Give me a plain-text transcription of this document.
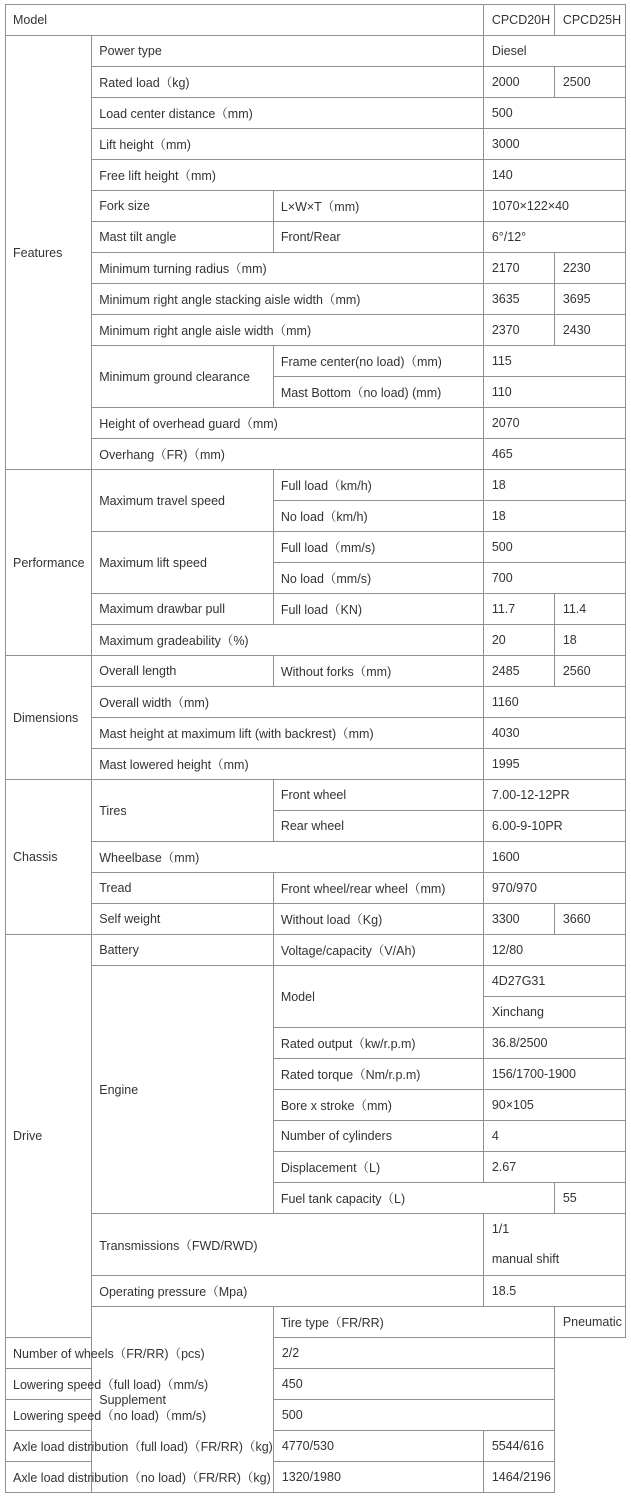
Model			CPCD20H	CPCD25H
Features	Power type		Diesel	
	Rated load（kg)		2000	2500
	Load center distance（mm)		500	
	Lift height（mm)		3000	
	Free lift height（mm)		140	
	Fork size	L×W×T（mm)	1070×122×40	
	Mast tilt angle	Front/Rear	6°/12°	
	Minimum turning radius（mm)		2170	2230
	Minimum right angle stacking aisle width（mm)		3635	3695
	Minimum right angle aisle width（mm)		2370	2430
	Minimum ground clearance	Frame center(no load)（mm)	115	
		Mast Bottom（no load) (mm)	110	
	Height of overhead guard（mm)		2070	
	Overhang（FR)（mm)		465	
Performance	Maximum travel speed	Full load（km/h)	18	
		No load（km/h)	18	
	Maximum lift speed	Full load（mm/s)	500	
		No load（mm/s)	700	
	Maximum drawbar pull	Full load（KN)	11.7	11.4
	Maximum gradeability（%)		20	18
Dimensions	Overall length	Without forks（mm)	2485	2560
	Overall width（mm)		1160	
	Mast height at maximum lift (with backrest)（mm)		4030	
	Mast lowered height（mm)		1995	
Chassis	Tires	Front wheel	7.00-12-12PR	
		Rear wheel	6.00-9-10PR	
	Wheelbase（mm)		1600	
	Tread	Front wheel/rear wheel（mm)	970/970	
	Self weight	Without load（Kg)	3300	3660
Drive	Battery	Voltage/capacity（V/Ah)	12/80	
	Engine	Model	4D27G31	
			Xinchang	
		Rated output（kw/r.p.m)	36.8/2500	
		Rated torque（Nm/r.p.m)	156/1700-1900	
		Bore x stroke（mm)	90×105	
		Number of cylinders	4	
		Displacement（L)	2.67	
		Fuel tank capacity（L)		55
	Transmissions（FWD/RWD)		1/1
manual shift	

	Operating pressure（Mpa)		18.5	
	Supplement	Tire type（FR/RR)		Pneumatic
Number of wheels（FR/RR)（pcs)		2/2		
Lowering speed（full load)（mm/s)		450		
Lowering speed（no load)（mm/s)		500		
Axle load distribution（full load)（FR/RR)（kg)		4770/530	5544/616	
Axle load distribution（no load)（FR/RR)（kg)		1320/1980	1464/2196	
